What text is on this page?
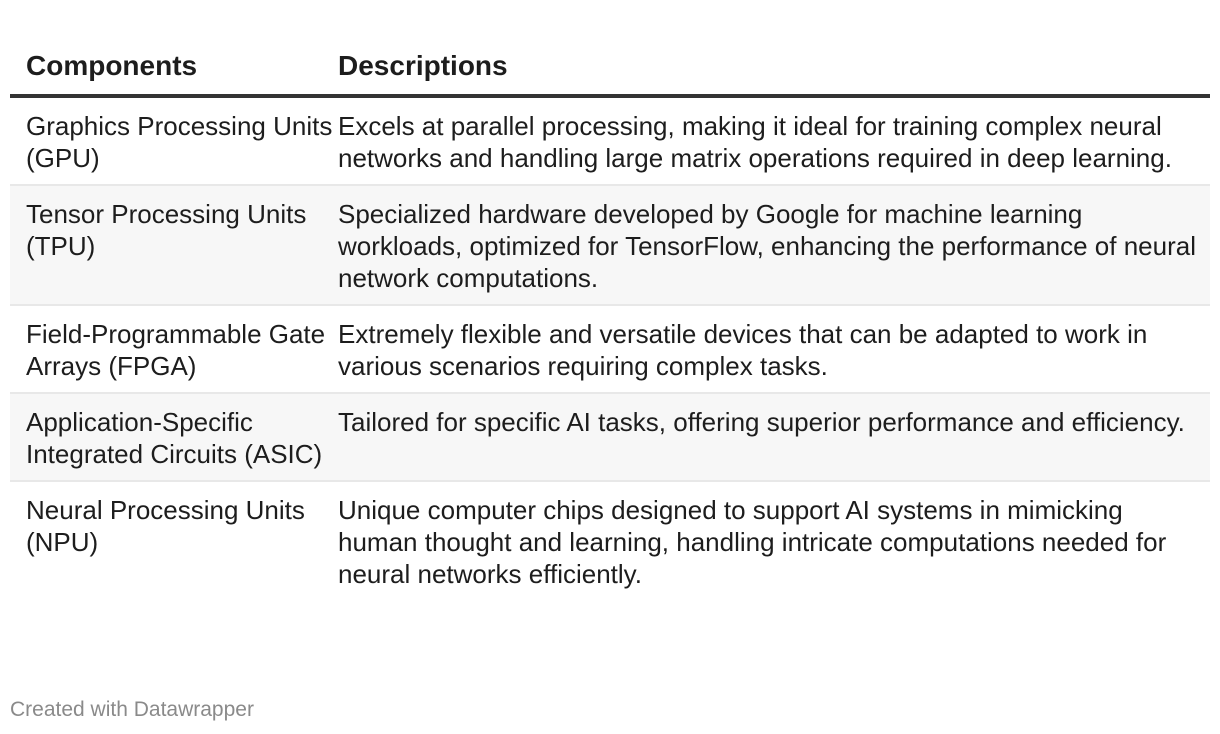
Components	Descriptions
Graphics Processing Units (GPU)
Excels at parallel processing, making it ideal for training complex neural networks and handling large matrix operations required in deep learning.
Tensor Processing Units (TPU)
Specialized hardware developed by Google for machine learning workloads, optimized for TensorFlow, enhancing the performance of neural network computations.
Field-Programmable Gate Arrays (FPGA)
Extremely flexible and versatile devices that can be adapted to work in various scenarios requiring complex tasks.
Application-Specific Integrated Circuits (ASIC)
Tailored for specific AI tasks, offering superior performance and efficiency.
Neural Processing Units (NPU)
Unique computer chips designed to support AI systems in mimicking human thought and learning, handling intricate computations needed for neural networks efficiently.
Created with Datawrapper
